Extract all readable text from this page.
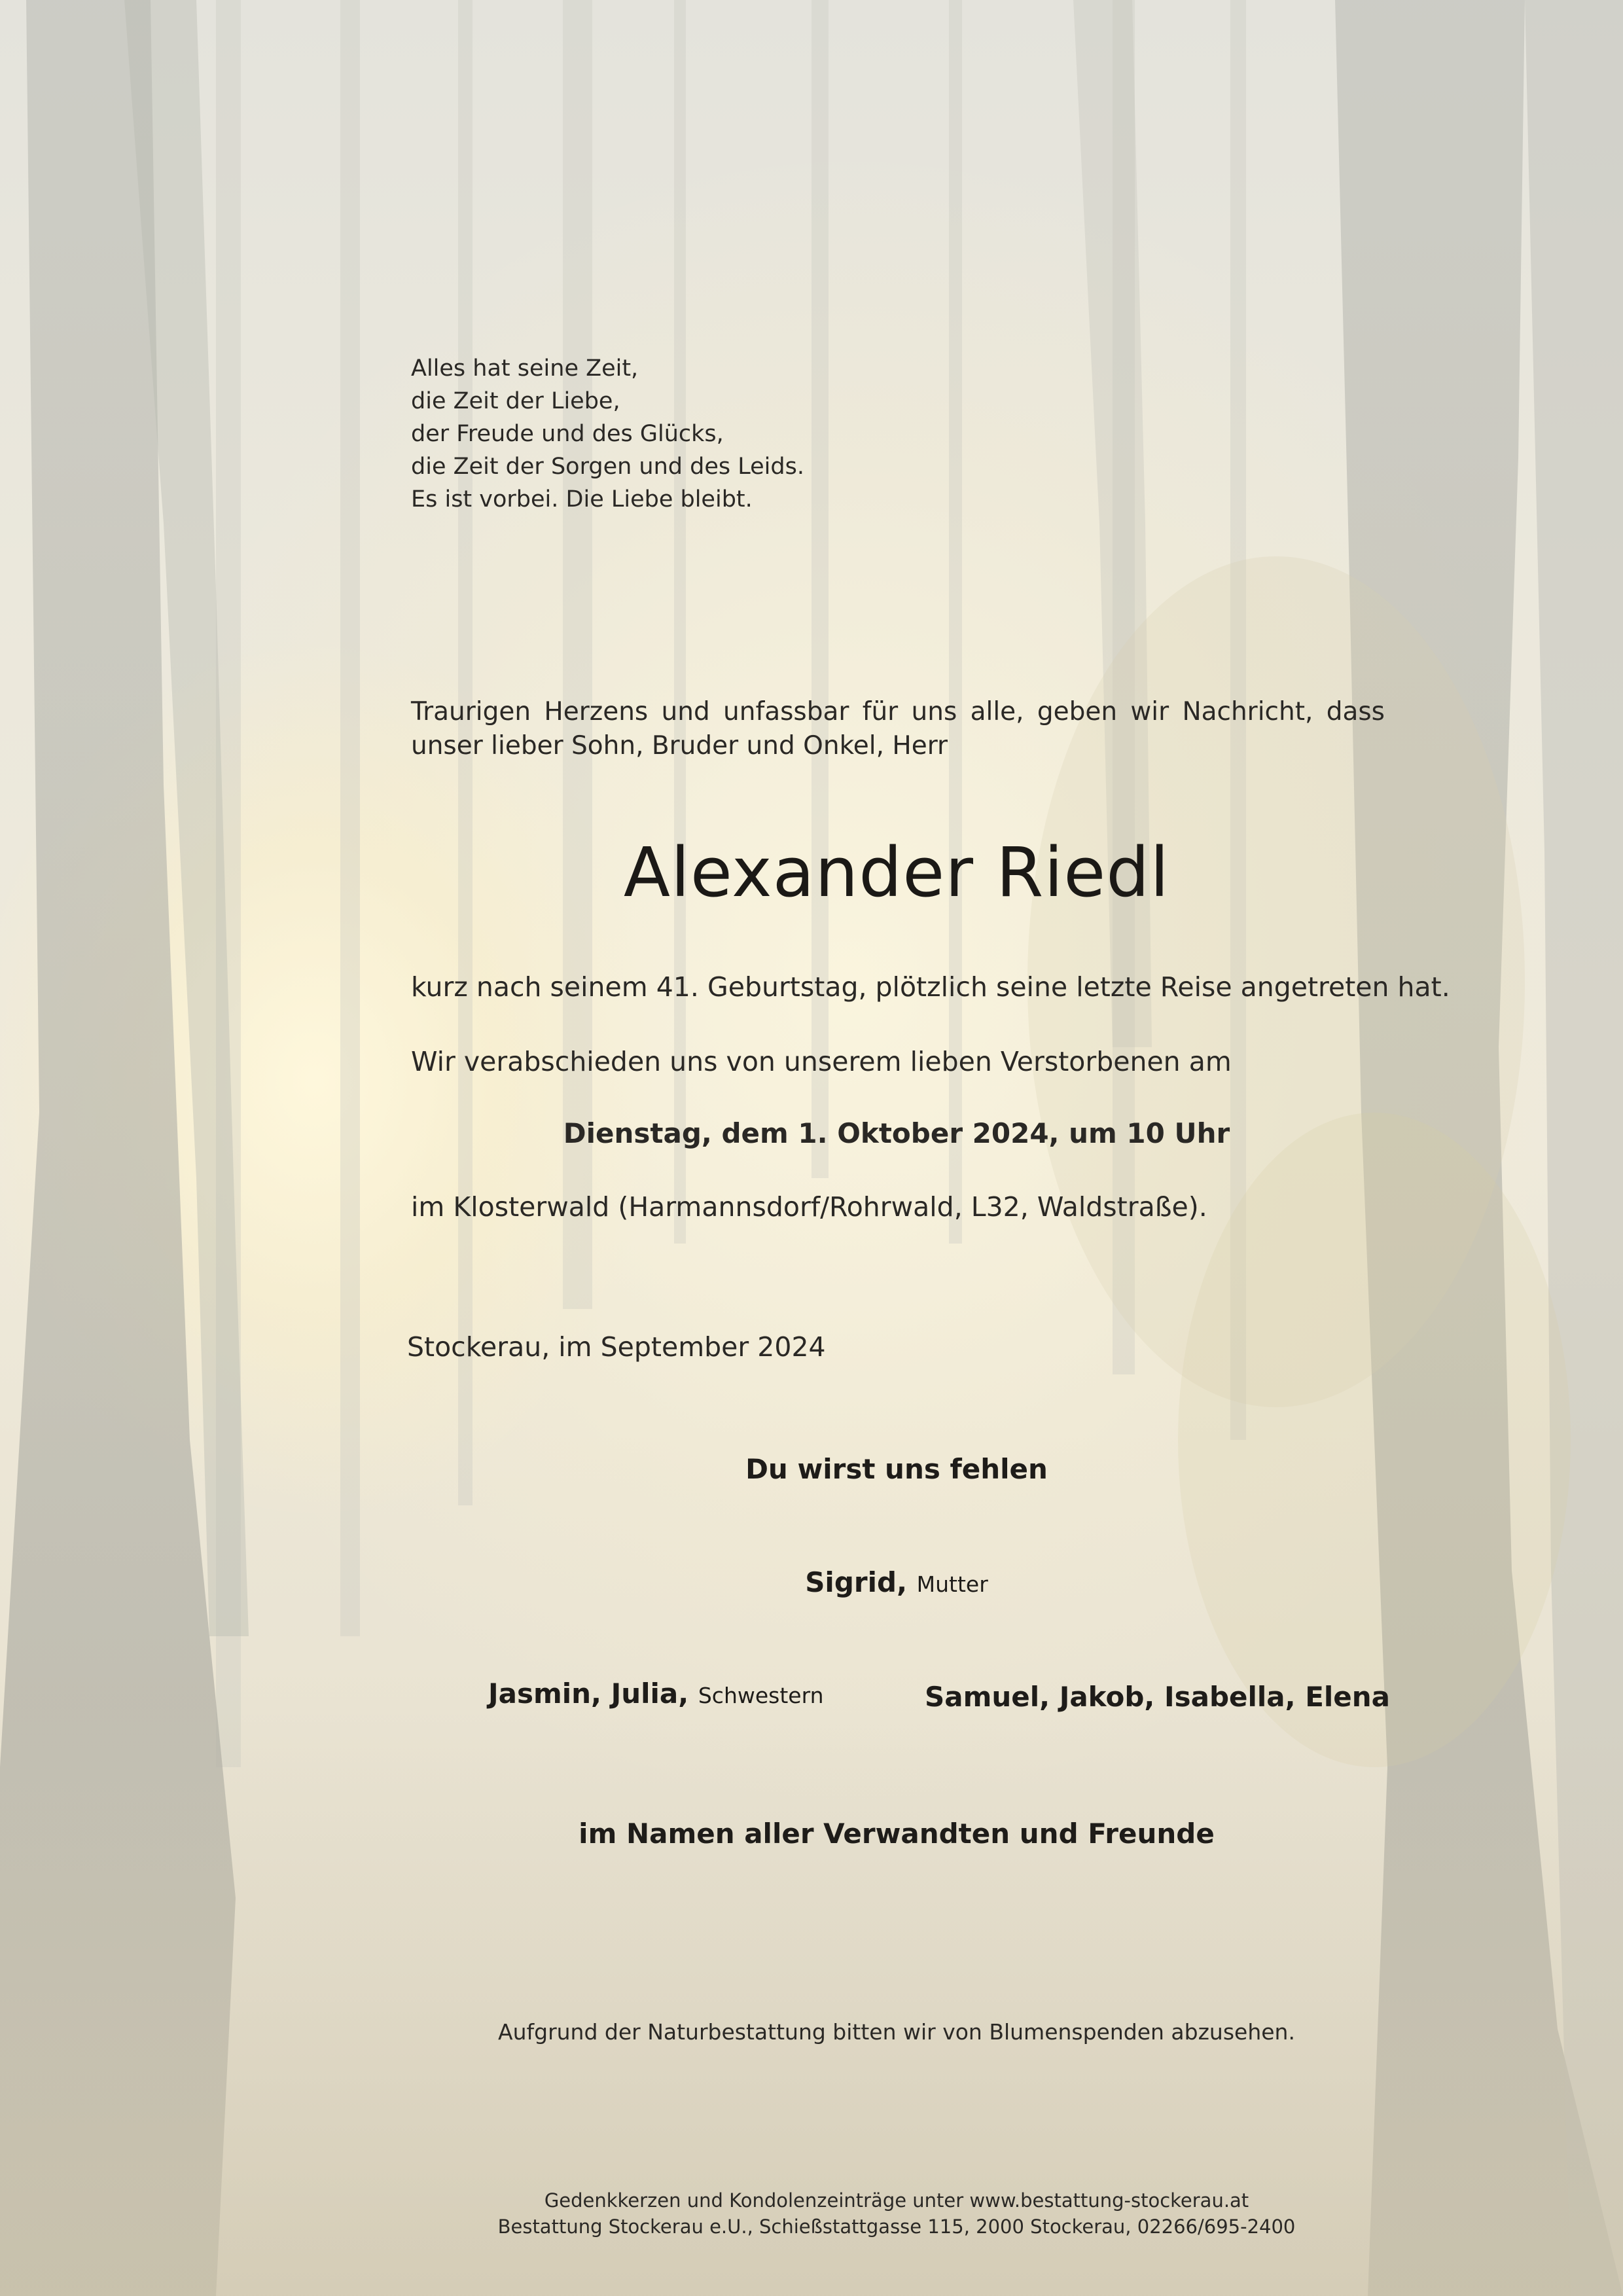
Alles hat seine Zeit,
die Zeit der Liebe,
der Freude und des Glücks,
die Zeit der Sorgen und des Leids.
Es ist vorbei. Die Liebe bleibt.

Traurigen Herzens und unfassbar für uns alle, geben wir Nachricht, dass unser lieber Sohn, Bruder und Onkel, Herr

Alexander Riedl

kurz nach seinem 41. Geburtstag, plötzlich seine letzte Reise angetreten hat.

Wir verabschieden uns von unserem lieben Verstorbenen am

Dienstag, dem 1. Oktober 2024, um 10 Uhr

im Klosterwald (Harmannsdorf/Rohrwald, L32, Waldstraße).

Stockerau, im September 2024

Du wirst uns fehlen

Sigrid, Mutter

Jasmin, Julia, Schwestern	Samuel, Jakob, Isabella, Elena

im Namen aller Verwandten und Freunde

Aufgrund der Naturbestattung bitten wir von Blumenspenden abzusehen.

Gedenkkerzen und Kondolenzeinträge unter www.bestattung-stockerau.at

Bestattung Stockerau e.U., Schießstattgasse 115, 2000 Stockerau, 02266/695-2400
